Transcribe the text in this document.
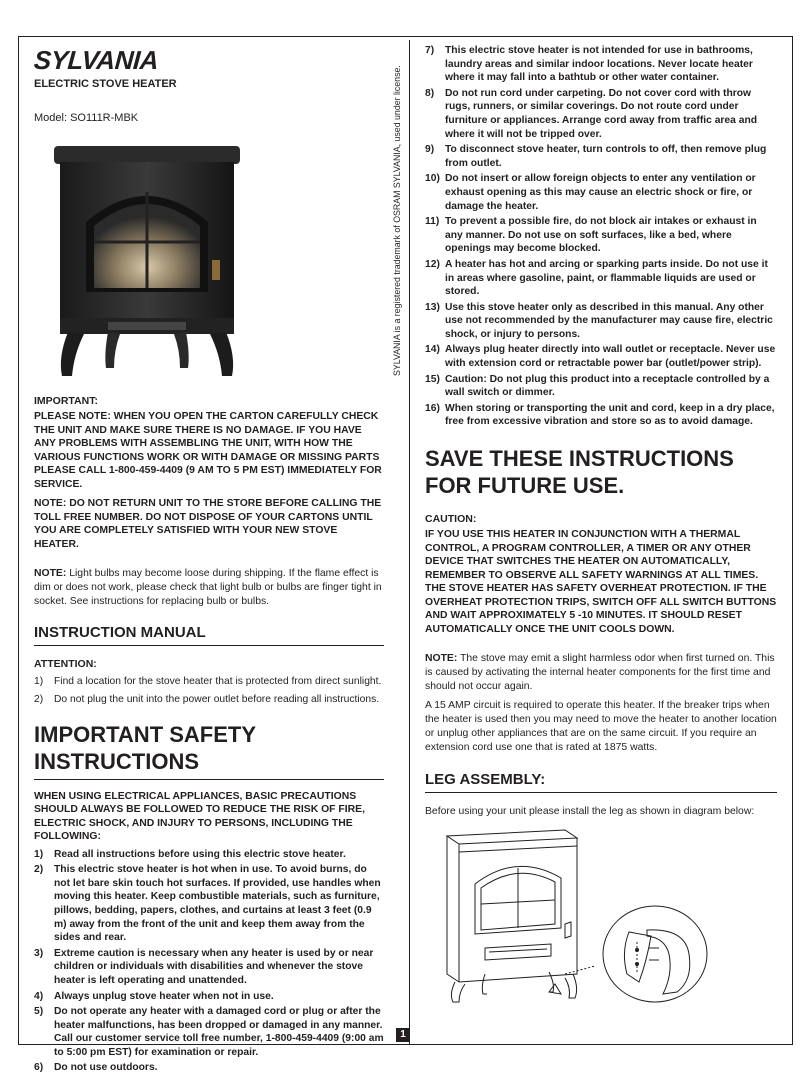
SYLVANIA is a registered trademark of OSRAM SYLVANIA, used under license.
SYLVANIA
ELECTRIC STOVE HEATER
Model: SO111R-MBK
IMPORTANT:
PLEASE NOTE: WHEN YOU OPEN THE CARTON CAREFULLY CHECK THE UNIT AND MAKE SURE THERE IS NO DAMAGE. IF YOU HAVE ANY PROBLEMS WITH ASSEMBLING THE UNIT, WITH HOW THE VARIOUS FUNCTIONS WORK OR WITH DAMAGE OR MISSING PARTS PLEASE CALL 1-800-459-4409 (9 AM TO 5 PM EST) IMMEDIATELY FOR SERVICE.
NOTE: DO NOT RETURN UNIT TO THE STORE BEFORE CALLING THE TOLL FREE NUMBER. DO NOT DISPOSE OF YOUR CARTONS UNTIL YOU ARE COMPLETELY SATISFIED WITH YOUR NEW STOVE HEATER.
NOTE: Light bulbs may become loose during shipping. If the flame effect is dim or does not work, please check that light bulb or bulbs are finger tight in socket. See instructions for replacing bulb or bulbs.
INSTRUCTION MANUAL
ATTENTION:
1) Find a location for the stove heater that is protected from direct sunlight.
2) Do not plug the unit into the power outlet before reading all instructions.
IMPORTANT SAFETY INSTRUCTIONS
WHEN USING ELECTRICAL APPLIANCES, BASIC PRECAUTIONS SHOULD ALWAYS BE FOLLOWED TO REDUCE THE RISK OF FIRE, ELECTRIC SHOCK, AND INJURY TO PERSONS, INCLUDING THE FOLLOWING:
1) Read all instructions before using this electric stove heater.
2) This electric stove heater is hot when in use. To avoid burns, do not let bare skin touch hot surfaces. If provided, use handles when moving this heater. Keep combustible materials, such as furniture, pillows, bedding, papers, clothes, and curtains at least 3 feet (0.9 m) away from the front of the unit and keep them away from the sides and rear.
3) Extreme caution is necessary when any heater is used by or near children or individuals with disabilities and whenever the stove heater is left operating and unattended.
4) Always unplug stove heater when not in use.
5) Do not operate any heater with a damaged cord or plug or after the heater malfunctions, has been dropped or damaged in any manner. Call our customer service toll free number, 1-800-459-4409 (9:00 am to 5:00 pm EST) for examination or repair.
6) Do not use outdoors.
7) This electric stove heater is not intended for use in bathrooms, laundry areas and similar indoor locations. Never locate heater where it may fall into a bathtub or other water container.
8) Do not run cord under carpeting. Do not cover cord with throw rugs, runners, or similar coverings. Do not route cord under furniture or appliances. Arrange cord away from traffic area and where it will not be tripped over.
9) To disconnect stove heater, turn controls to off, then remove plug from outlet.
10) Do not insert or allow foreign objects to enter any ventilation or exhaust opening as this may cause an electric shock or fire, or damage the heater.
11) To prevent a possible fire, do not block air intakes or exhaust in any manner. Do not use on soft surfaces, like a bed, where openings may become blocked.
12) A heater has hot and arcing or sparking parts inside. Do not use it in areas where gasoline, paint, or flammable liquids are used or stored.
13) Use this stove heater only as described in this manual. Any other use not recommended by the manufacturer may cause fire, electric shock, or injury to persons.
14) Always plug heater directly into wall outlet or receptacle. Never use with extension cord or retractable power bar (outlet/power strip).
15) Caution: Do not plug this product into a receptacle controlled by a wall switch or dimmer.
16) When storing or transporting the unit and cord, keep in a dry place, free from excessive vibration and store so as to avoid damage.
SAVE THESE INSTRUCTIONS FOR FUTURE USE.
CAUTION:
IF YOU USE THIS HEATER IN CONJUNCTION WITH A THERMAL CONTROL, A PROGRAM CONTROLLER, A TIMER OR ANY OTHER DEVICE THAT SWITCHES THE HEATER ON AUTOMATICALLY, REMEMBER TO OBSERVE ALL SAFETY WARNINGS AT ALL TIMES. THE STOVE HEATER HAS SAFETY OVERHEAT PROTECTION. IF THE OVERHEAT PROTECTION TRIPS, SWITCH OFF ALL SWITCH BUTTONS AND WAIT APPROXIMATELY 5 -10 MINUTES. IT SHOULD RESET AUTOMATICALLY ONCE THE UNIT COOLS DOWN.
NOTE: The stove may emit a slight harmless odor when first turned on. This is caused by activating the internal heater components for the first time and should not occur again.
A 15 AMP circuit is required to operate this heater. If the breaker trips when the heater is used then you may need to move the heater to another location or unplug other appliances that are on the same circuit. If you require an extension cord use one that is rated at 1875 watts.
LEG ASSEMBLY:
Before using your unit please install the leg as shown in diagram below:
1
